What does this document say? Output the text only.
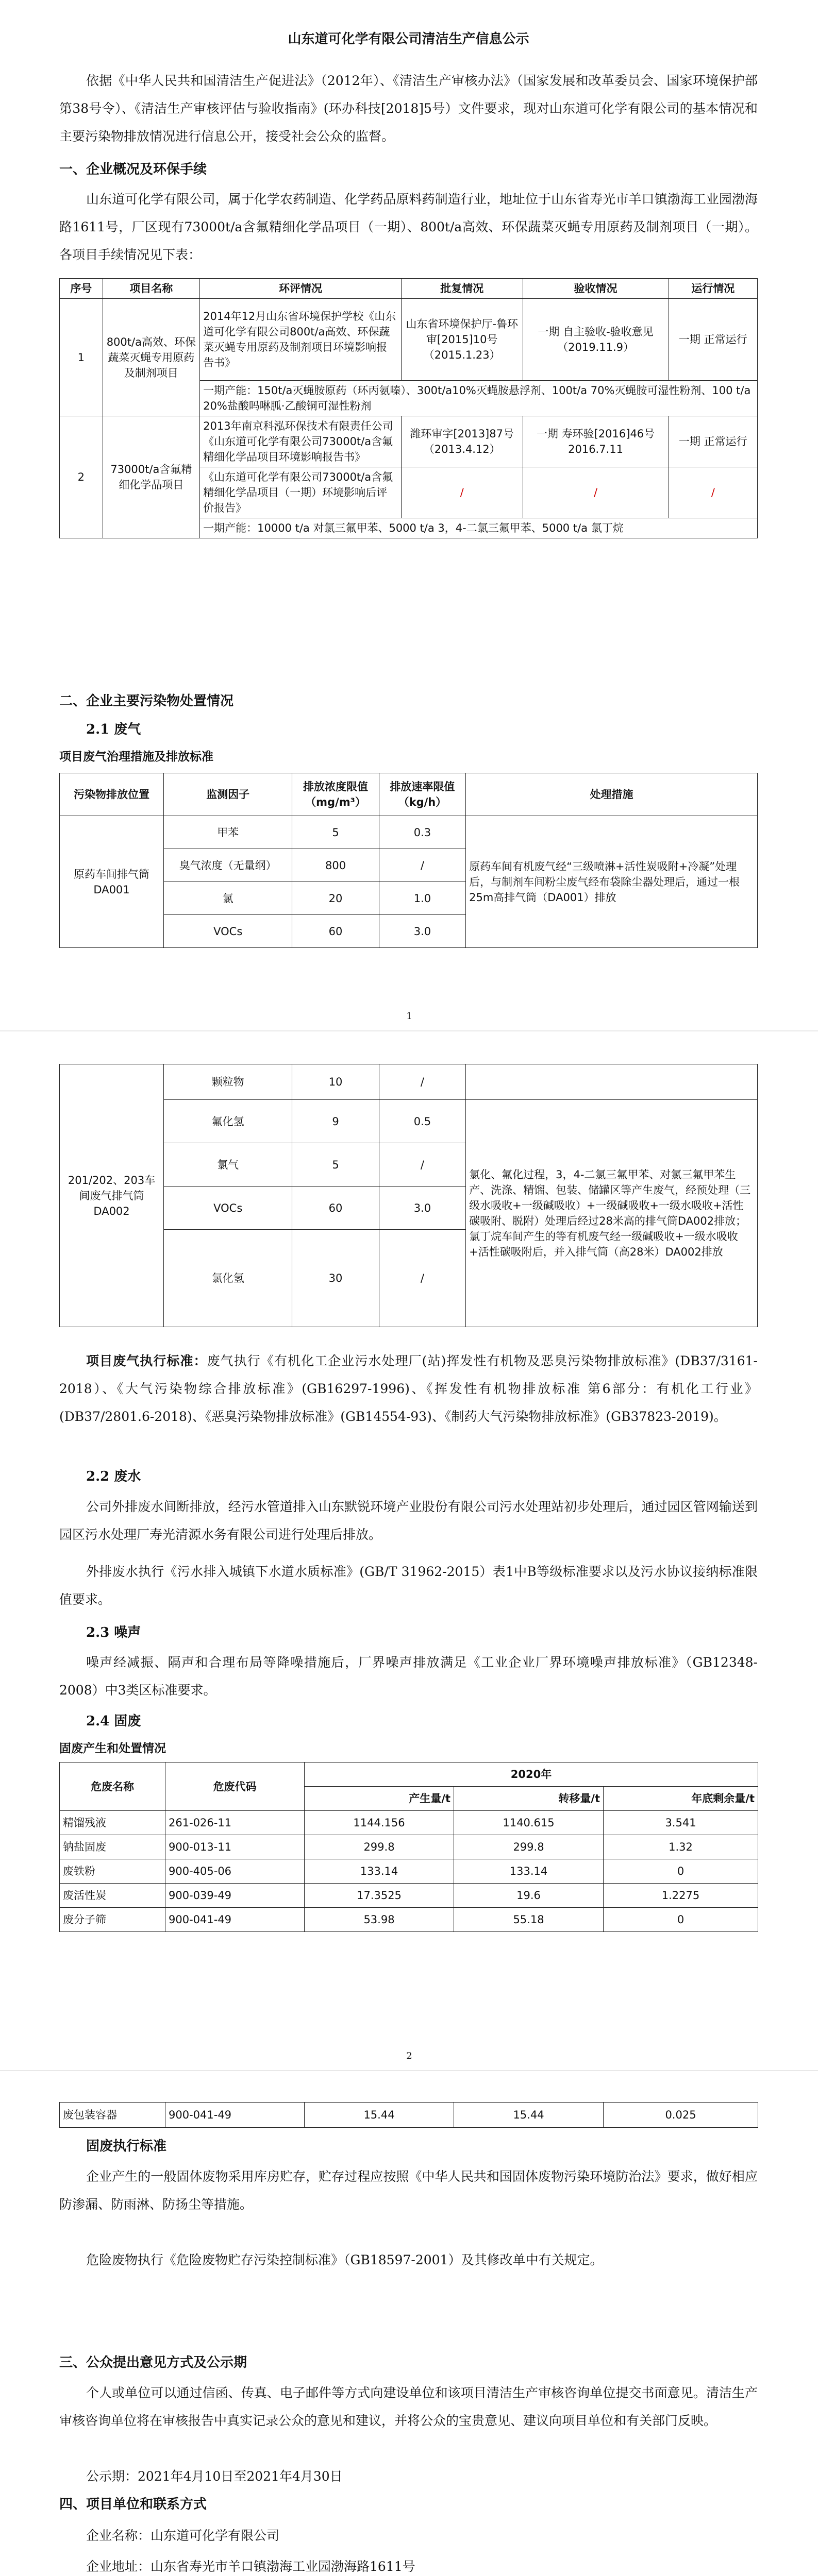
1
2

山东道可化学有限公司清洁生产信息公示

依据《中华人民共和国清洁生产促进法》（2012年）、《清洁生产审核办法》（国家发展和改革委员会、国家环境保护部第38号令）、《清洁生产审核评估与验收指南》(环办科技[2018]5号）文件要求，现对山东道可化学有限公司的基本情况和主要污染物排放情况进行信息公开，接受社会公众的监督。

一、企业概况及环保手续

山东道可化学有限公司，属于化学农药制造、化学药品原料药制造行业，地址位于山东省寿光市羊口镇渤海工业园渤海路1611号，厂区现有73000t/a含氟精细化学品项目（一期）、800t/a高效、环保蔬菜灭蝇专用原药及制剂项目（一期）。各项目手续情况见下表：

序号	项目名称	环评情况	批复情况	验收情况	运行情况
1	800t/a高效、环保蔬菜灭蝇专用原药及制剂项目	2014年12月山东省环境保护学校《山东道可化学有限公司800t/a高效、环保蔬菜灭蝇专用原药及制剂项目环境影响报告书》	山东省环境保护厅-鲁环审[2015]10号（2015.1.23）	一期 自主验收-验收意见（2019.11.9）	一期 正常运行
		一期产能：150t/a灭蝇胺原药（环丙氨嗪）、300t/a10%灭蝇胺悬浮剂、100t/a 70%灭蝇胺可湿性粉剂、100 t/a 20%盐酸吗啉胍·乙酸铜可湿性粉剂			
2	73000t/a含氟精细化学品项目	2013年南京科泓环保技术有限责任公司《山东道可化学有限公司73000t/a含氟精细化学品项目环境影响报告书》	潍环审字[2013]87号（2013.4.12）	一期 寿环验[2016]46号 2016.7.11	一期 正常运行
		《山东道可化学有限公司73000t/a含氟精细化学品项目（一期）环境影响后评价报告》	/	/	/
		一期产能：10000 t/a 对氯三氟甲苯、5000 t/a 3，4-二氯三氟甲苯、5000 t/a 氯丁烷			

二、企业主要污染物处置情况

2.1 废气

项目废气治理措施及排放标准

污染物排放位置	监测因子	排放浓度限值（mg/m³）	排放速率限值（kg/h）	处理措施
原药车间排气筒DA001	甲苯	5	0.3	原药车间有机废气经“三级喷淋+活性炭吸附+冷凝”处理后，与制剂车间粉尘废气经布袋除尘器处理后，通过一根25m高排气筒（DA001）排放
	臭气浓度（无量纲）	800	/	
	氯	20	1.0	
	VOCs	60	3.0	
201/202、203车间废气排气筒DA002	颗粒物	10	/	
	氟化氢	9	0.5	氯化、氟化过程，3，4-二氯三氟甲苯、对氯三氟甲苯生产、洗涤、精馏、包装、储罐区等产生废气，经预处理（三级水吸收+一级碱吸收）+一级碱吸收+一级水吸收+活性碳吸附、脱附）处理后经过28米高的排气筒DA002排放；氯丁烷车间产生的等有机废气经一级碱吸收+一级水吸收+活性碳吸附后，并入排气筒（高28米）DA002排放
	氯气	5	/	
	VOCs	60	3.0	
	氯化氢	30	/	

项目废气执行标准：废气执行《有机化工企业污水处理厂(站)挥发性有机物及恶臭污染物排放标准》(DB37/3161-2018）、《大气污染物综合排放标准》(GB16297-1996)、《挥发性有机物排放标准 第6部分：有机化工行业》(DB37/2801.6-2018)、《恶臭污染物排放标准》(GB14554-93)、《制药大气污染物排放标准》(GB37823-2019)。

2.2 废水

公司外排废水间断排放，经污水管道排入山东默锐环境产业股份有限公司污水处理站初步处理后，通过园区管网输送到园区污水处理厂寿光清源水务有限公司进行处理后排放。

外排废水执行《污水排入城镇下水道水质标准》(GB/T 31962-2015）表1中B等级标准要求以及污水协议接纳标准限值要求。

2.3 噪声

噪声经减振、隔声和合理布局等降噪措施后，厂界噪声排放满足《工业企业厂界环境噪声排放标准》（GB12348-2008）中3类区标准要求。

2.4 固废

固废产生和处置情况

危废名称	危废代码	2020年		
		产生量/t	转移量/t	年底剩余量/t
精馏残液	261-026-11	1144.156	1140.615	3.541
钠盐固废	900-013-11	299.8	299.8	1.32
废铁粉	900-405-06	133.14	133.14	0
废活性炭	900-039-49	17.3525	19.6	1.2275
废分子筛	900-041-49	53.98	55.18	0
废包装容器	900-041-49	15.44	15.44	0.025

固废执行标准

企业产生的一般固体废物采用库房贮存，贮存过程应按照《中华人民共和国固体废物污染环境防治法》要求，做好相应防渗漏、防雨淋、防扬尘等措施。

危险废物执行《危险废物贮存污染控制标准》（GB18597-2001）及其修改单中有关规定。

三、公众提出意见方式及公示期

个人或单位可以通过信函、传真、电子邮件等方式向建设单位和该项目清洁生产审核咨询单位提交书面意见。清洁生产审核咨询单位将在审核报告中真实记录公众的意见和建议，并将公众的宝贵意见、建议向项目单位和有关部门反映。

公示期：2021年4月10日至2021年4月30日

四、项目单位和联系方式

企业名称：山东道可化学有限公司

企业地址：山东省寿光市羊口镇渤海工业园渤海路1611号
